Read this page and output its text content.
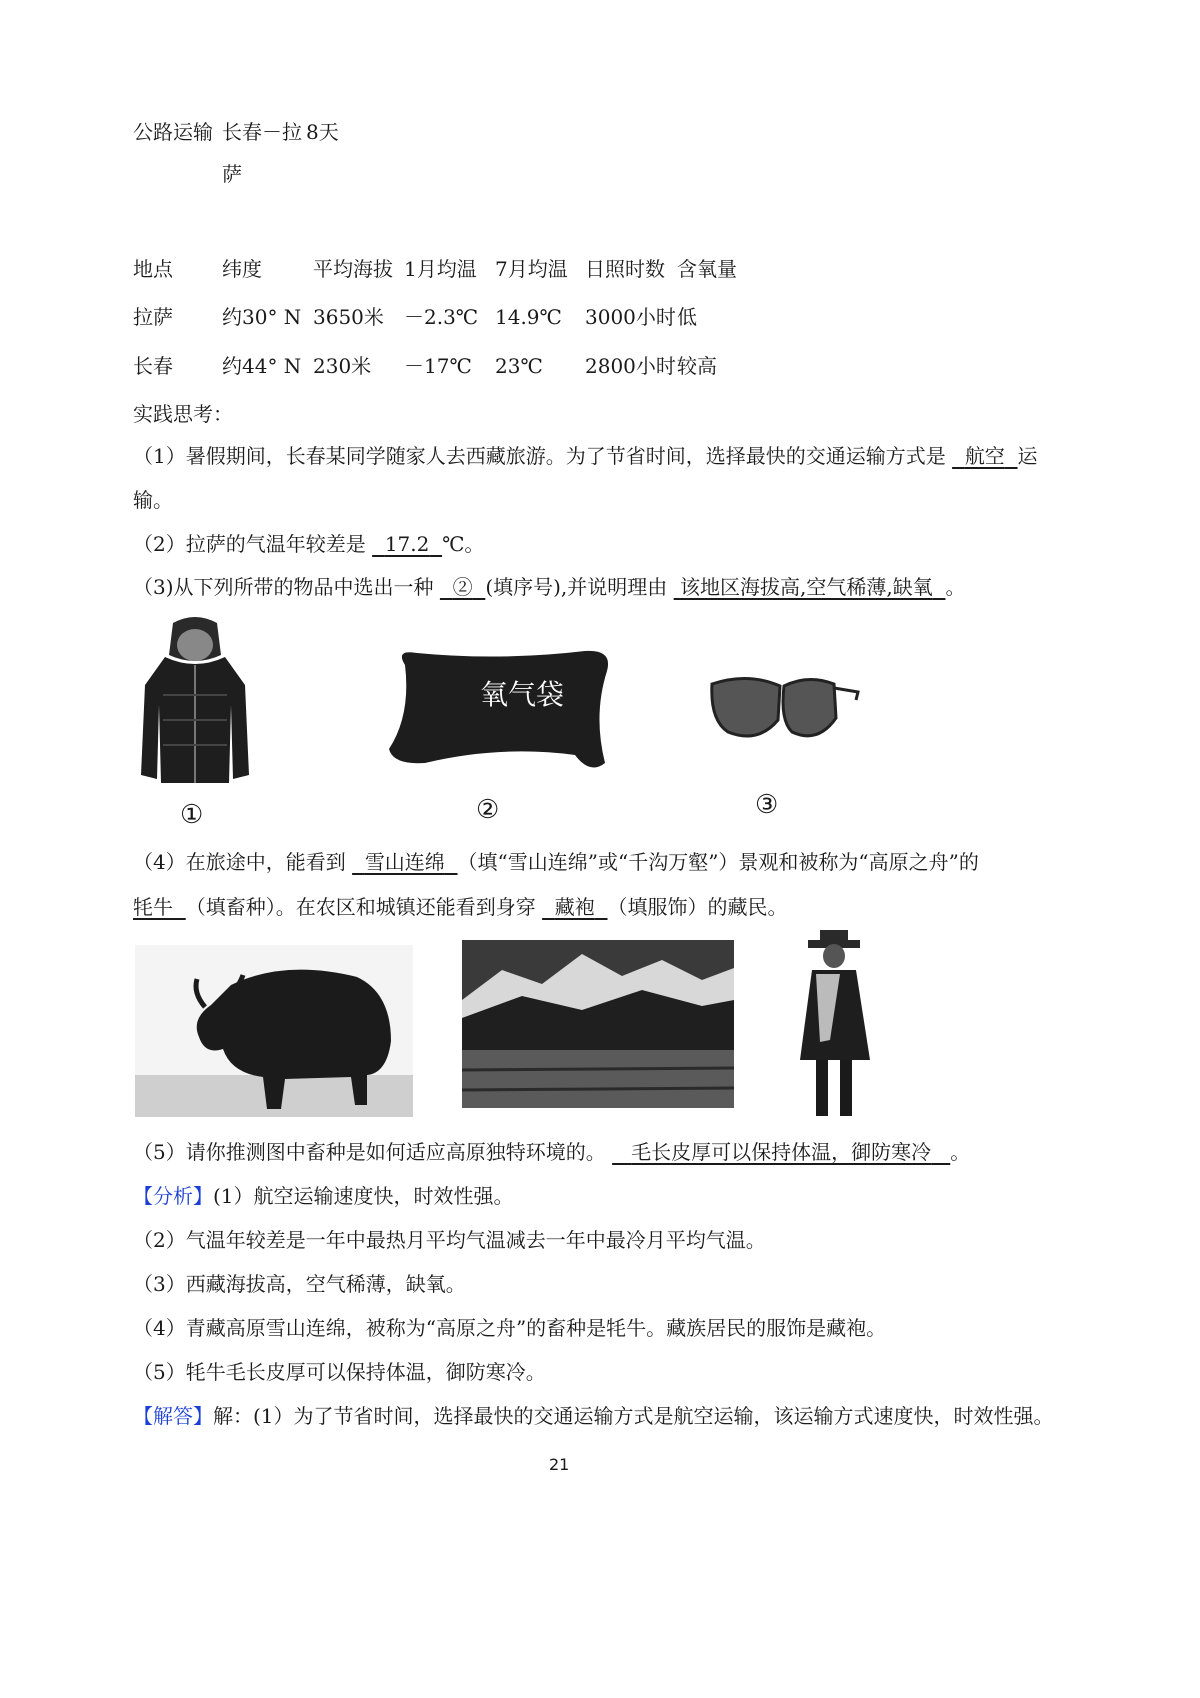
公路运输 长春－拉 8天
萨
地点 纬度	平均海拔 1月均温 7月均温 日照时数 含氧量
拉萨 约30° N 3650米 －2.3℃ 14.9℃ 3000小时 低
长春 约44° N 230米 －17℃ 23℃ 2800小时 较高
实践思考：
（1）暑假期间，长春某同学随家人去西藏旅游。为了节省时间，选择最快的交通运输方式是 航空 运
输。
（2）拉萨的气温年较差是 17.2 ℃。
（3)从下列所带的物品中选出一种 ② (填序号),并说明理由 该地区海拔高,空气稀薄,缺氧 。
①
氧气袋
②	③
（4）在旅途中，能看到 雪山连绵 （填“雪山连绵”或“千沟万壑”）景观和被称为“高原之舟”的
牦牛 （填畜种）。在农区和城镇还能看到身穿 藏袍 （填服饰）的藏民。
（5）请你推测图中畜种是如何适应高原独特环境的。 毛长皮厚可以保持体温，御防寒冷 。
【分析】(1）航空运输速度快，时效性强。
（2）气温年较差是一年中最热月平均气温减去一年中最冷月平均气温。
（3）西藏海拔高，空气稀薄，缺氧。
（4）青藏高原雪山连绵，被称为“高原之舟”的畜种是牦牛。藏族居民的服饰是藏袍。
（5）牦牛毛长皮厚可以保持体温，御防寒冷。
【解答】解：(1）为了节省时间，选择最快的交通运输方式是航空运输，该运输方式速度快，时效性强。
21
